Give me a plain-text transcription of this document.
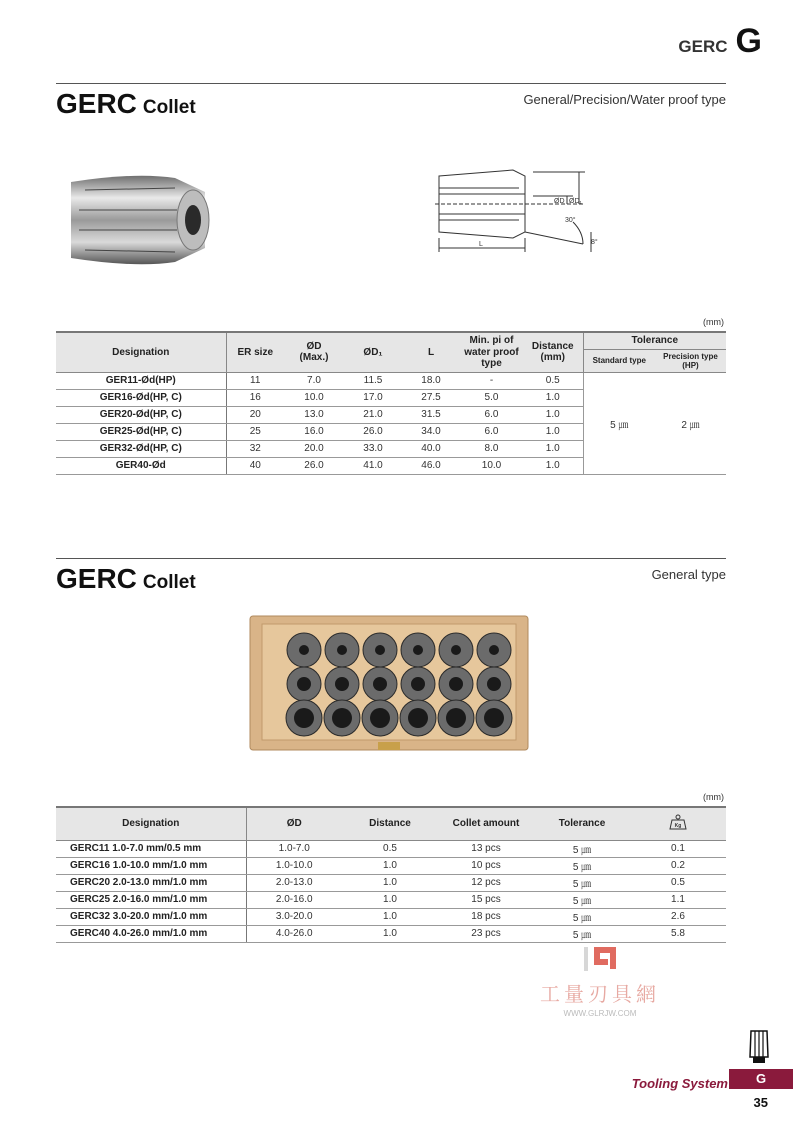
GERC G
GERC Collet	General/Precision/Water proof type
L
ØD ØD₁
30°
8°
(mm)
Designation	ER size	ØD
(Max.)	ØD₁	L	Min. pi of
water proof
type	Distance
(mm)	Tolerance	
							Standard type	Precision type (HP)
GER11-Ød(HP)	11	7.0	11.5	18.0	-	0.5	5 ㎛	2 ㎛
GER16-Ød(HP, C)	16	10.0	17.0	27.5	5.0	1.0		
GER20-Ød(HP, C)	20	13.0	21.0	31.5	6.0	1.0		
GER25-Ød(HP, C)	25	16.0	26.0	34.0	6.0	1.0		
GER32-Ød(HP, C)	32	20.0	33.0	40.0	8.0	1.0		
GER40-Ød	40	26.0	41.0	46.0	10.0	1.0		
GERC Collet	General type
(mm)
Designation	ØD	Distance	Collet amount	Tolerance	Kg

GERC11 1.0-7.0 mm/0.5 mm	1.0-7.0	0.5	13 pcs	5 ㎛	0.1
GERC16 1.0-10.0 mm/1.0 mm	1.0-10.0	1.0	10 pcs	5 ㎛	0.2
GERC20 2.0-13.0 mm/1.0 mm	2.0-13.0	1.0	12 pcs	5 ㎛	0.5
GERC25 2.0-16.0 mm/1.0 mm	2.0-16.0	1.0	15 pcs	5 ㎛	1.1
GERC32 3.0-20.0 mm/1.0 mm	3.0-20.0	1.0	18 pcs	5 ㎛	2.6
GERC40 4.0-26.0 mm/1.0 mm	4.0-26.0	1.0	23 pcs	5 ㎛	5.8
工量刃具網
WWW.GLRJW.COM
Tooling System	G
35
